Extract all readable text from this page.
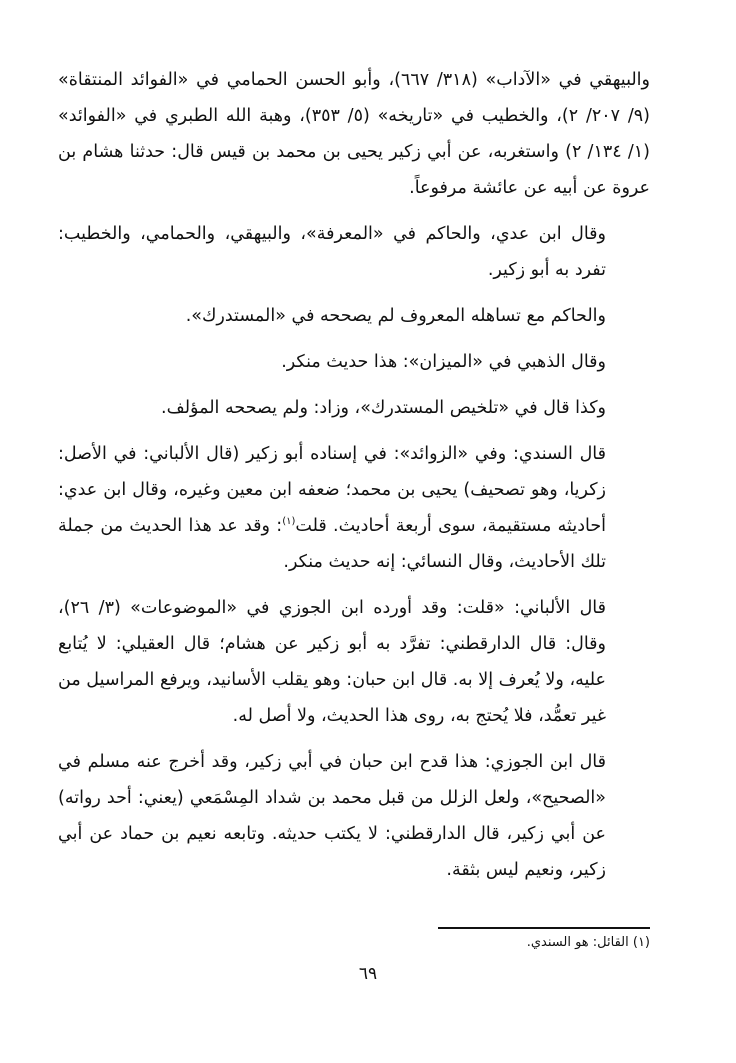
والبيهقي في «الآداب» (٣١٨/ ٦٦٧)، وأبو الحسن الحمامي في «الفوائد المنتقاة» (٩/ ٢٠٧/ ٢)، والخطيب في «تاريخه» (٥/ ٣٥٣)، وهبة الله الطبري في «الفوائد» (١/ ١٣٤/ ٢) واستغربه، عن أبي زكير يحيى بن محمد بن قيس قال: حدثنا هشام بن عروة عن أبيه عن عائشة مرفوعاً.

وقال ابن عدي، والحاكم في «المعرفة»، والبيهقي، والحمامي، والخطيب: تفرد به أبو زكير.

والحاكم مع تساهله المعروف لم يصححه في «المستدرك».

وقال الذهبي في «الميزان»: هذا حديث منكر.

وكذا قال في «تلخيص المستدرك»، وزاد: ولم يصححه المؤلف.

قال السندي: وفي «الزوائد»: في إسناده أبو زكير (قال الألباني: في الأصل: زكريا، وهو تصحيف) يحيى بن محمد؛ ضعفه ابن معين وغيره، وقال ابن عدي: أحاديثه مستقيمة، سوى أربعة أحاديث. قلت$^{(١)}$: وقد عد هذا الحديث من جملة تلك الأحاديث، وقال النسائي: إنه حديث منكر.

قال الألباني: «قلت: وقد أورده ابن الجوزي في «الموضوعات» (٣/ ٢٦)، وقال: قال الدارقطني: تفرَّد به أبو زكير عن هشام؛ قال العقيلي: لا يُتابع عليه، ولا يُعرف إلا به. قال ابن حبان: وهو يقلب الأسانيد، ويرفع المراسيل من غير تعمُّد، فلا يُحتج به، روى هذا الحديث، ولا أصل له.

قال ابن الجوزي: هذا قدح ابن حبان في أبي زكير، وقد أخرج عنه مسلم في «الصحيح»، ولعل الزلل من قبل محمد بن شداد المِسْمَعي (يعني: أحد رواته) عن أبي زكير، قال الدارقطني: لا يكتب حديثه. وتابعه نعيم بن حماد عن أبي زكير، ونعيم ليس بثقة.

(١) القائل: هو السندي.
٦٩
